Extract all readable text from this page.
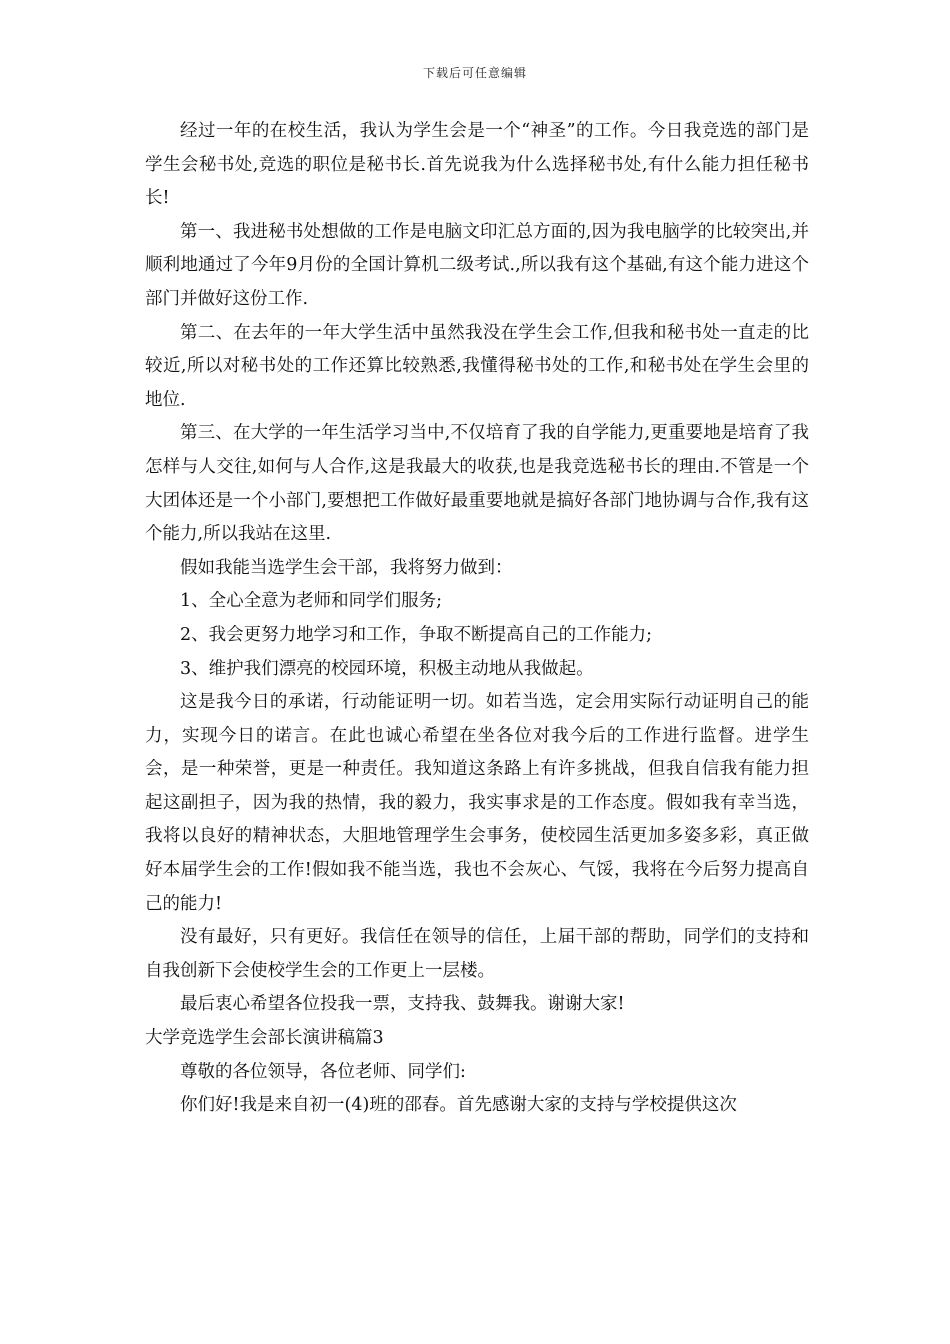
下载后可任意编辑

经过一年的在校生活，我认为学生会是一个“神圣”的工作。今日我竞选的部门是学生会秘书处,竞选的职位是秘书长.首先说我为什么选择秘书处,有什么能力担任秘书长!

第一、我进秘书处想做的工作是电脑文印汇总方面的,因为我电脑学的比较突出,并顺利地通过了今年9月份的全国计算机二级考试.,所以我有这个基础,有这个能力进这个部门并做好这份工作.

第二、在去年的一年大学生活中虽然我没在学生会工作,但我和秘书处一直走的比较近,所以对秘书处的工作还算比较熟悉,我懂得秘书处的工作,和秘书处在学生会里的地位.

第三、在大学的一年生活学习当中,不仅培育了我的自学能力,更重要地是培育了我怎样与人交往,如何与人合作,这是我最大的收获,也是我竞选秘书长的理由.不管是一个大团体还是一个小部门,要想把工作做好最重要地就是搞好各部门地协调与合作,我有这个能力,所以我站在这里.

假如我能当选学生会干部，我将努力做到：

1、全心全意为老师和同学们服务;

2、我会更努力地学习和工作，争取不断提高自己的工作能力;

3、维护我们漂亮的校园环境，积极主动地从我做起。

这是我今日的承诺，行动能证明一切。如若当选，定会用实际行动证明自己的能力，实现今日的诺言。在此也诚心希望在坐各位对我今后的工作进行监督。进学生会，是一种荣誉，更是一种责任。我知道这条路上有许多挑战，但我自信我有能力担起这副担子，因为我的热情，我的毅力，我实事求是的工作态度。假如我有幸当选，我将以良好的精神状态，大胆地管理学生会事务，使校园生活更加多姿多彩，真正做好本届学生会的工作!假如我不能当选，我也不会灰心、气馁，我将在今后努力提高自己的能力!

没有最好，只有更好。我信任在领导的信任，上届干部的帮助，同学们的支持和自我创新下会使校学生会的工作更上一层楼。

最后衷心希望各位投我一票，支持我、鼓舞我。谢谢大家!

大学竞选学生会部长演讲稿篇3

尊敬的各位领导，各位老师、同学们:

你们好!我是来自初一(4)班的邵春。首先感谢大家的支持与学校提供这次
